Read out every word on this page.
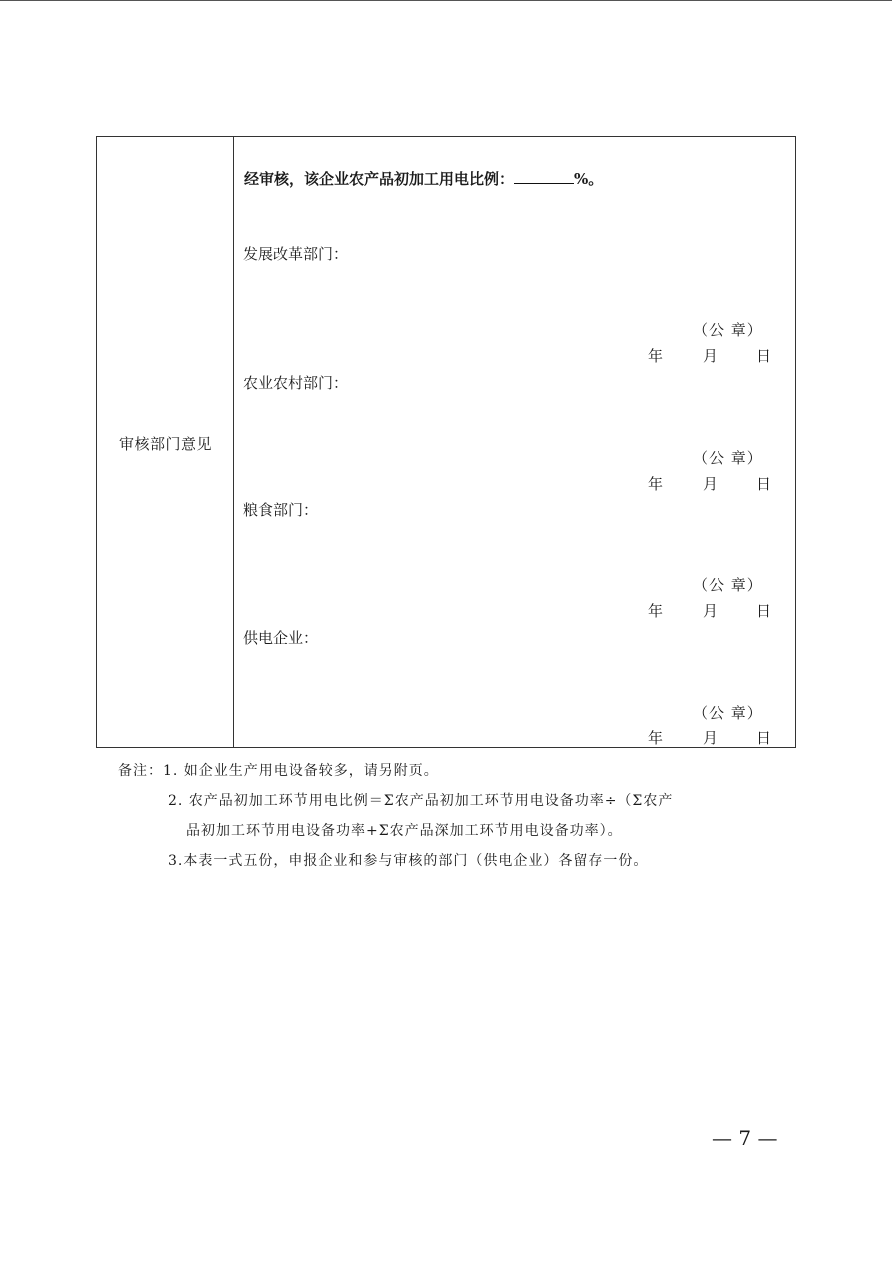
审核部门意见
经审核，该企业农产品初加工用电比例：	%。
发展改革部门：
（公 章）
年	月	日
农业农村部门：
（公 章）
年	月	日
粮食部门：
（公 章）
年	月	日
供电企业：
（公 章）
年	月	日
备注：1. 如企业生产用电设备较多，请另附页。
2. 农产品初加工环节用电比例＝Σ农产品初加工环节用电设备功率÷（Σ农产
品初加工环节用电设备功率+Σ农产品深加工环节用电设备功率）。
3.本表一式五份，申报企业和参与审核的部门（供电企业）各留存一份。
— 7 —
